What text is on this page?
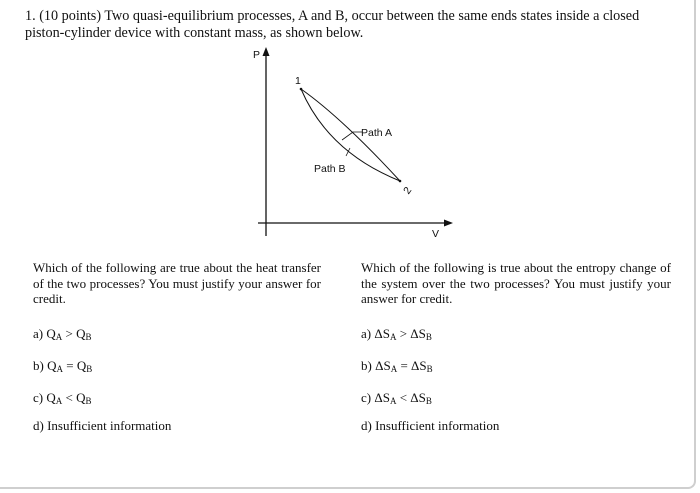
1. (10 points) Two quasi-equilibrium processes, A and B, occur between the same ends states inside a closed piston-cylinder device with constant mass, as shown below.

P
V
1
2
Path A
Path B

Which of the following are true about the heat transfer of the two processes? You must justify your answer for credit.

a) $Q_A > Q_B$
b) $Q_A = Q_B$
c) $Q_A < Q_B$
d) Insufficient information

Which of the following is true about the entropy change of the system over the two processes? You must justify your answer for credit.

a) $\Delta S_A > \Delta S_B$
b) $\Delta S_A = \Delta S_B$
c) $\Delta S_A < \Delta S_B$
d) Insufficient information
